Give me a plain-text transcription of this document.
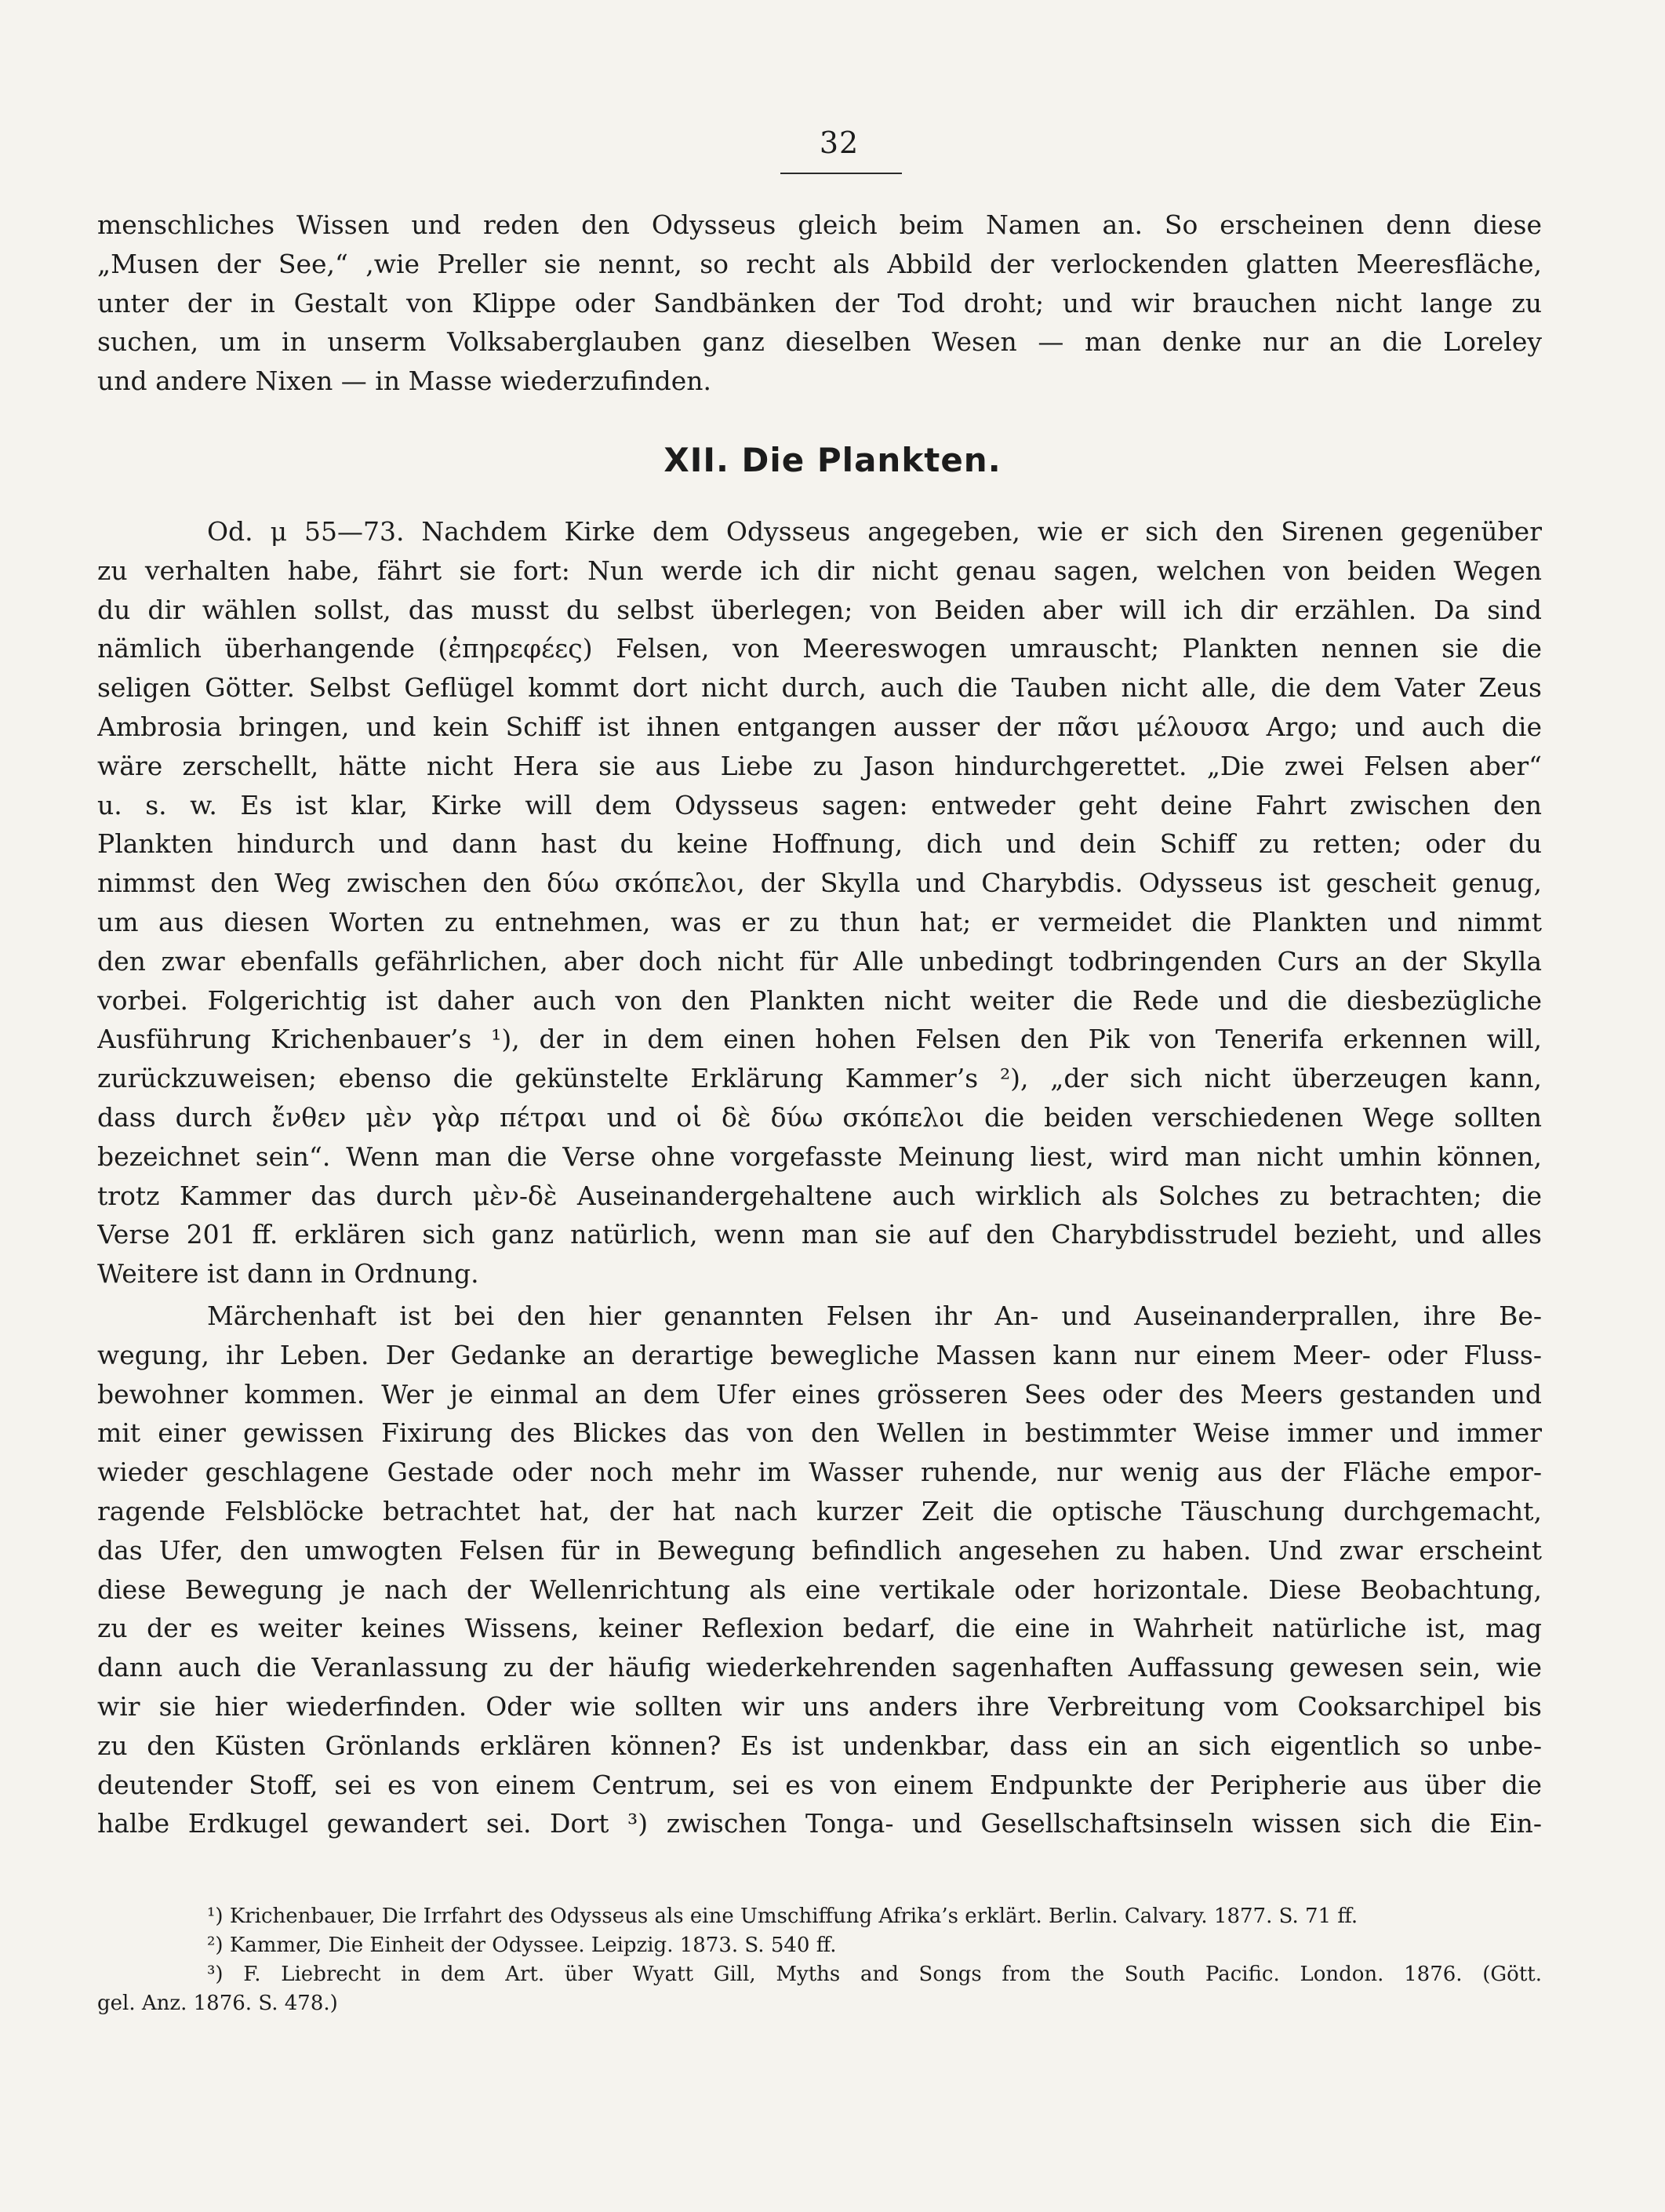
32
menschliches Wissen und reden den Odysseus gleich beim Namen an. So erscheinen denn diese
„Musen der See,“ ,wie Preller sie nennt, so recht als Abbild der verlockenden glatten Meeresfläche,
unter der in Gestalt von Klippe oder Sandbänken der Tod droht; und wir brauchen nicht lange zu
suchen, um in unserm Volksaberglauben ganz dieselben Wesen — man denke nur an die Loreley
und andere Nixen — in Masse wiederzufinden.
XII. Die Plankten.
Od. μ 55—73. Nachdem Kirke dem Odysseus angegeben, wie er sich den Sirenen gegenüber
zu verhalten habe, fährt sie fort: Nun werde ich dir nicht genau sagen, welchen von beiden Wegen
du dir wählen sollst, das musst du selbst überlegen; von Beiden aber will ich dir erzählen. Da sind
nämlich überhangende (ἐπηρεφέες) Felsen, von Meereswogen umrauscht; Plankten nennen sie die
seligen Götter. Selbst Geflügel kommt dort nicht durch, auch die Tauben nicht alle, die dem Vater Zeus
Ambrosia bringen, und kein Schiff ist ihnen entgangen ausser der πᾶσι μέλουσα Argo; und auch die
wäre zerschellt, hätte nicht Hera sie aus Liebe zu Jason hindurchgerettet. „Die zwei Felsen aber“
u. s. w. Es ist klar, Kirke will dem Odysseus sagen: entweder geht deine Fahrt zwischen den
Plankten hindurch und dann hast du keine Hoffnung, dich und dein Schiff zu retten; oder du
nimmst den Weg zwischen den δύω σκόπελοι, der Skylla und Charybdis. Odysseus ist gescheit genug,
um aus diesen Worten zu entnehmen, was er zu thun hat; er vermeidet die Plankten und nimmt
den zwar ebenfalls gefährlichen, aber doch nicht für Alle unbedingt todbringenden Curs an der Skylla
vorbei. Folgerichtig ist daher auch von den Plankten nicht weiter die Rede und die diesbezügliche
Ausführung Krichenbauer’s ¹), der in dem einen hohen Felsen den Pik von Tenerifa erkennen will,
zurückzuweisen; ebenso die gekünstelte Erklärung Kammer’s ²), „der sich nicht überzeugen kann,
dass durch ἔνθεν μὲν γὰρ πέτραι und οἱ δὲ δύω σκόπελοι die beiden verschiedenen Wege sollten
bezeichnet sein“. Wenn man die Verse ohne vorgefasste Meinung liest, wird man nicht umhin können,
trotz Kammer das durch μὲν-δὲ Auseinandergehaltene auch wirklich als Solches zu betrachten; die
Verse 201 ff. erklären sich ganz natürlich, wenn man sie auf den Charybdisstrudel bezieht, und alles
Weitere ist dann in Ordnung.
Märchenhaft ist bei den hier genannten Felsen ihr An- und Auseinanderprallen, ihre Be-
wegung, ihr Leben. Der Gedanke an derartige bewegliche Massen kann nur einem Meer- oder Fluss-
bewohner kommen. Wer je einmal an dem Ufer eines grösseren Sees oder des Meers gestanden und
mit einer gewissen Fixirung des Blickes das von den Wellen in bestimmter Weise immer und immer
wieder geschlagene Gestade oder noch mehr im Wasser ruhende, nur wenig aus der Fläche empor-
ragende Felsblöcke betrachtet hat, der hat nach kurzer Zeit die optische Täuschung durchgemacht,
das Ufer, den umwogten Felsen für in Bewegung befindlich angesehen zu haben. Und zwar erscheint
diese Bewegung je nach der Wellenrichtung als eine vertikale oder horizontale. Diese Beobachtung,
zu der es weiter keines Wissens, keiner Reflexion bedarf, die eine in Wahrheit natürliche ist, mag
dann auch die Veranlassung zu der häufig wiederkehrenden sagenhaften Auffassung gewesen sein, wie
wir sie hier wiederfinden. Oder wie sollten wir uns anders ihre Verbreitung vom Cooksarchipel bis
zu den Küsten Grönlands erklären können? Es ist undenkbar, dass ein an sich eigentlich so unbe-
deutender Stoff, sei es von einem Centrum, sei es von einem Endpunkte der Peripherie aus über die
halbe Erdkugel gewandert sei. Dort ³) zwischen Tonga- und Gesellschaftsinseln wissen sich die Ein-
¹) Krichenbauer, Die Irrfahrt des Odysseus als eine Umschiffung Afrika’s erklärt. Berlin. Calvary. 1877. S. 71 ff.
²) Kammer, Die Einheit der Odyssee. Leipzig. 1873. S. 540 ff.
³) F. Liebrecht in dem Art. über Wyatt Gill, Myths and Songs from the South Pacific. London. 1876. (Gött.
gel. Anz. 1876. S. 478.)
